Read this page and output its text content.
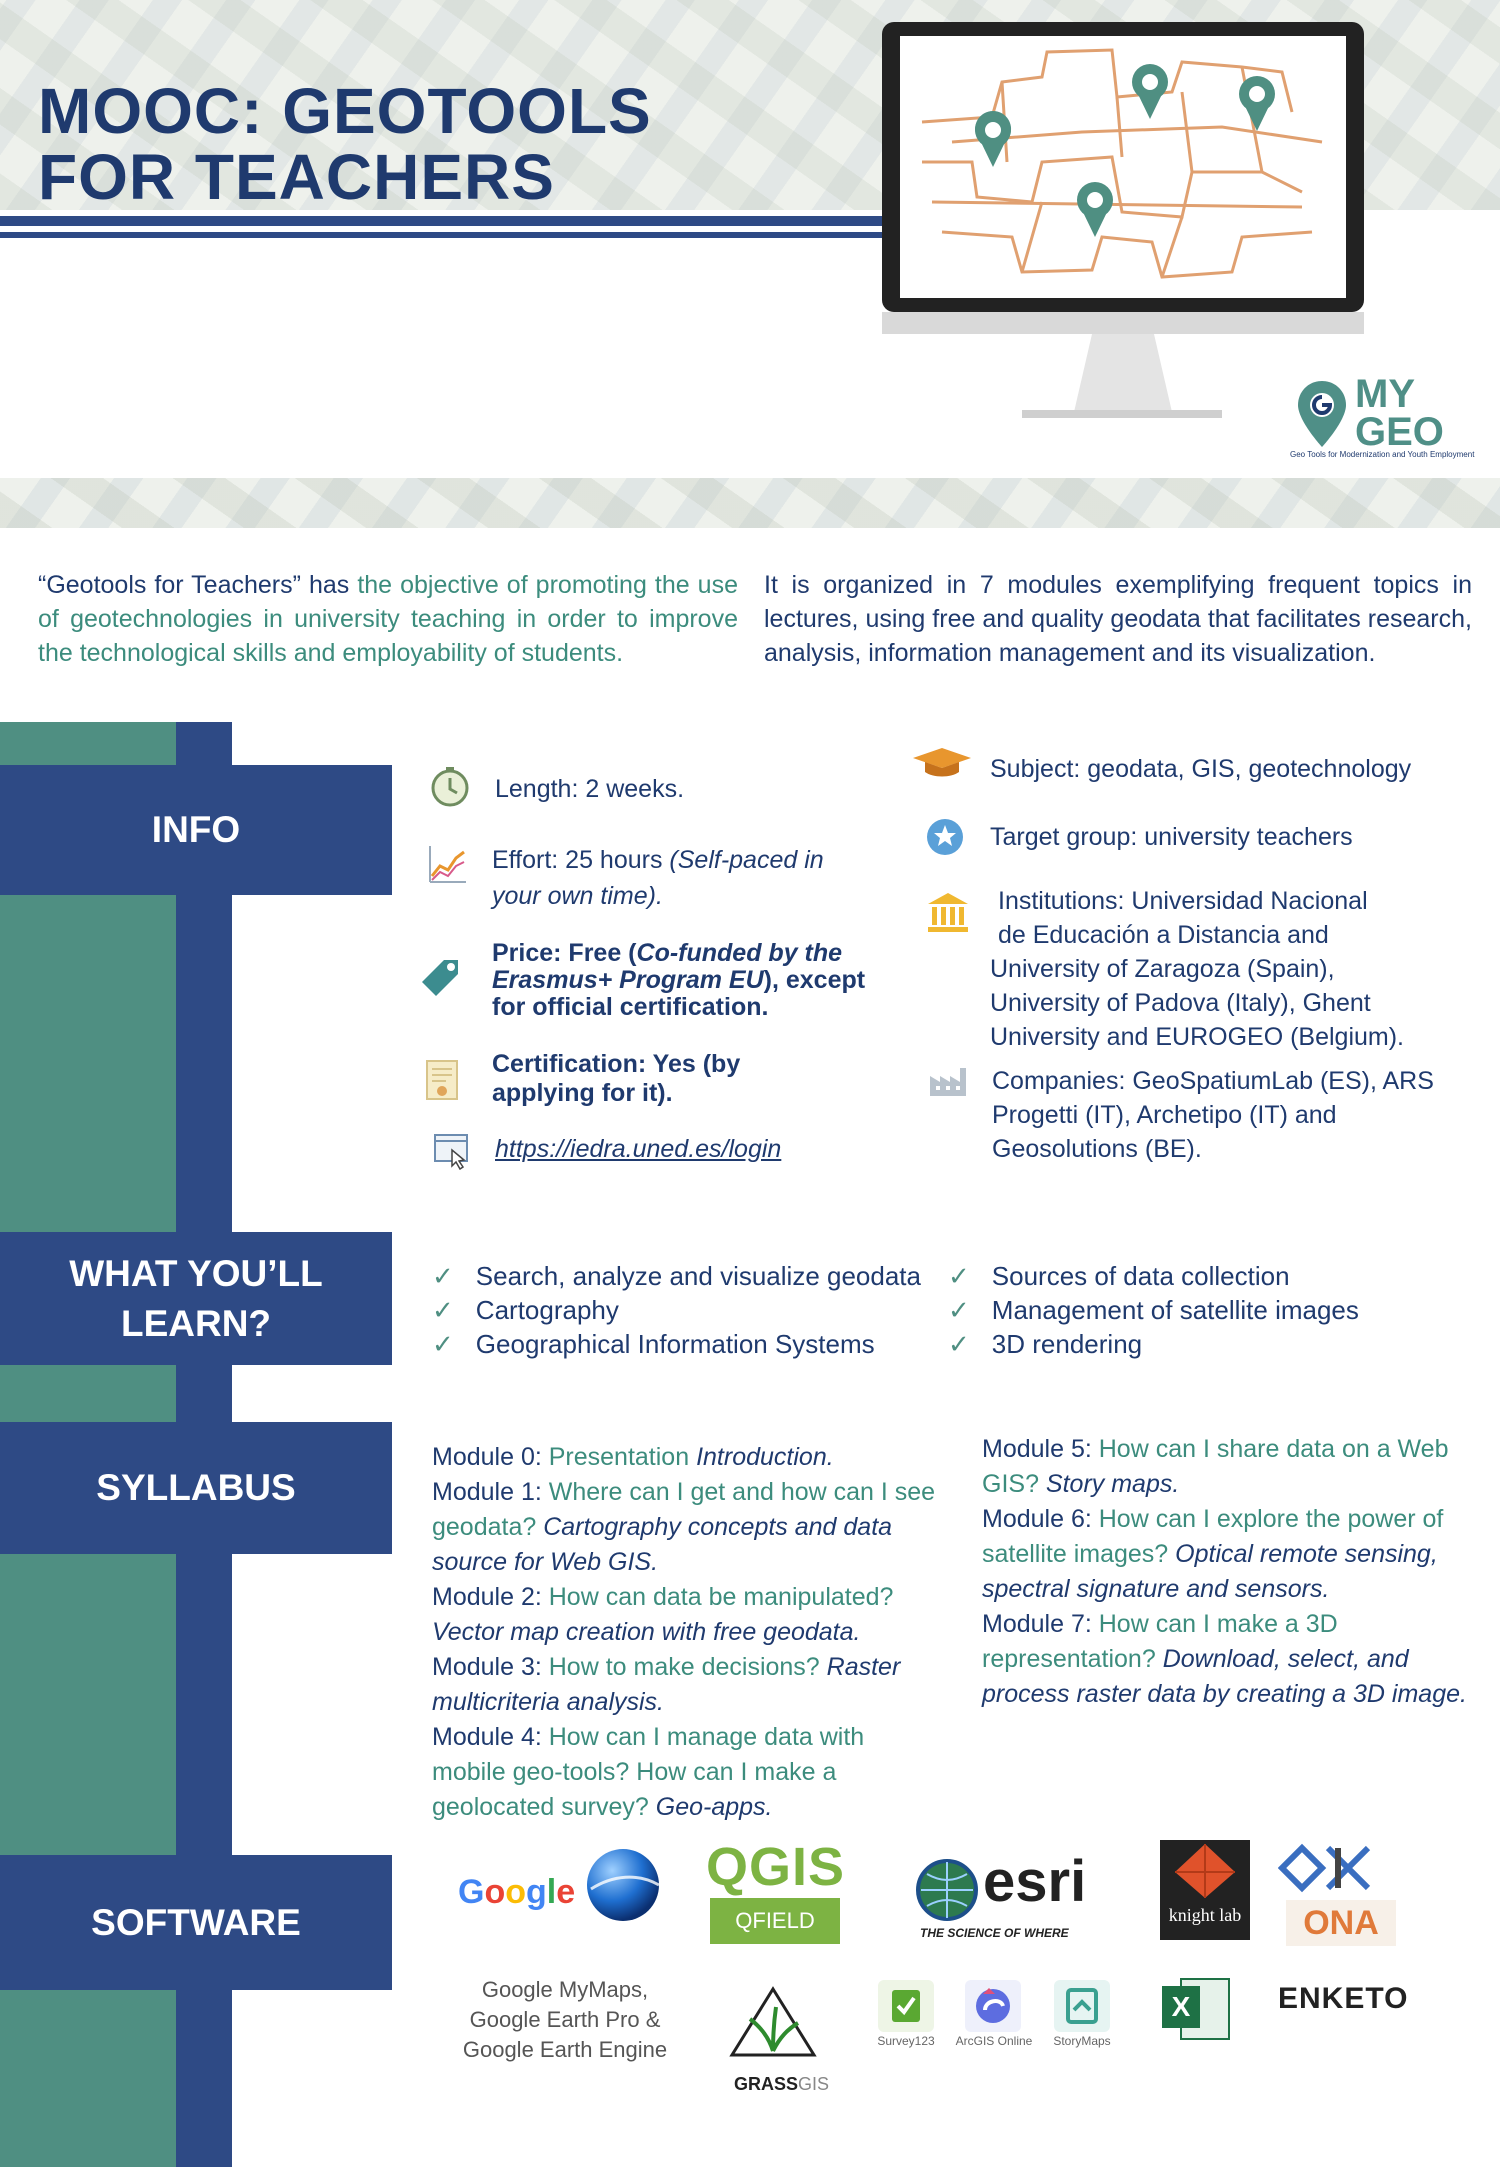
MOOC: GEOTOOLS
FOR TEACHERS
MY
GEO
Geo Tools for Modernization and Youth Employment
“Geotools for Teachers” has the objective of promoting the use of geotechnologies in university teaching in order to improve the technological skills and employability of students.
It is organized in 7 modules exemplifying frequent topics in lectures, using free and quality geodata that facilitates research, analysis, information management and its visualization.
INFO
WHAT YOU’LL
LEARN?
SYLLABUS
SOFTWARE
Length: 2 weeks.
Effort: 25 hours (Self-paced in
your own time).
Price: Free (Co-funded by the
Erasmus+ Program EU), except
for official certification.
Certification: Yes (by
applying for it).
https://iedra.uned.es/login
Subject: geodata, GIS, geotechnology
Target group: university teachers
Institutions: Universidad Nacional
de Educación a Distancia and
University of Zaragoza (Spain),
University of Padova (Italy), Ghent
University and EUROGEO (Belgium).
Companies: GeoSpatiumLab (ES), ARS
Progetti (IT), Archetipo (IT) and
Geosolutions (BE).
✓ Search, analyze and visualize geodata
✓ Cartography
✓ Geographical Information Systems
✓ Sources of data collection
✓ Management of satellite images
✓ 3D rendering
Module 0: Presentation Introduction.
Module 1: Where can I get and how can I see geodata? Cartography concepts and data source for Web GIS.
Module 2: How can data be manipulated? Vector map creation with free geodata.
Module 3: How to make decisions? Raster multicriteria analysis.
Module 4: How can I manage data with mobile geo-tools? How can I make a geolocated survey? Geo-apps.
Module 5: How can I share data on a Web GIS? Story maps.
Module 6: How can I explore the power of satellite images? Optical remote sensing, spectral signature and sensors.
Module 7: How can I make a 3D representation? Download, select, and process raster data by creating a 3D image.
Google QGIS
QFIELD
esri
THE SCIENCE OF WHERE
knight lab	ONA
Google MyMaps,
Google Earth Pro &
Google Earth Engine
GRASSGIS
Survey123	ArcGIS Online	StoryMaps
X	ENKETO
